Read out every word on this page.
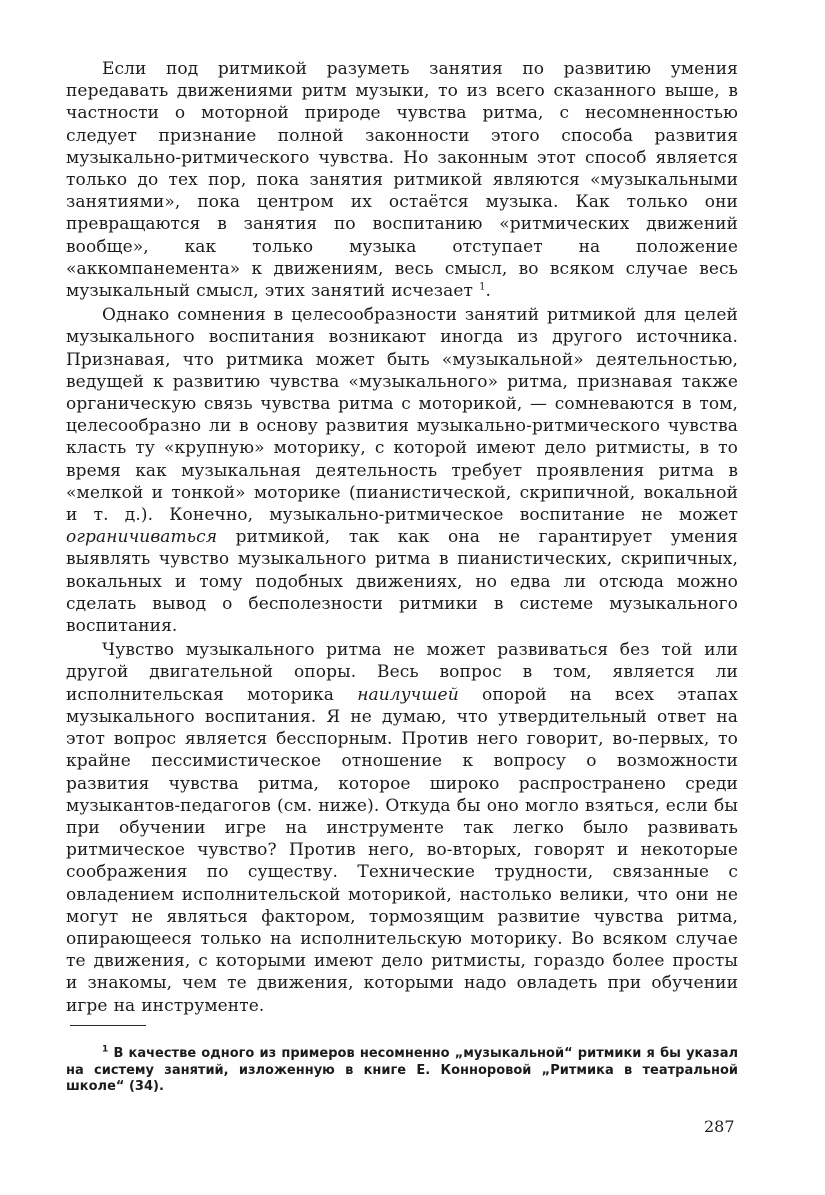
Если под ритмикой разуметь занятия по развитию умения передавать движениями ритм музыки, то из всего сказанного выше, в частности о моторной природе чувства ритма, с несомненностью следует признание полной законности этого способа развития музыкально-ритмического чувства. Но законным этот способ является только до тех пор, пока занятия ритмикой являются «музыкальными занятиями», пока центром их остаётся музыка. Как только они превращаются в занятия по воспитанию «ритмических движений вообще», как только музыка отступает на положение «аккомпанемента» к движениям, весь смысл, во всяком случае весь музыкальный смысл, этих занятий исчезает $^1$.

Однако сомнения в целесообразности занятий ритмикой для целей музыкального воспитания возникают иногда из другого источника. Признавая, что ритмика может быть «музыкальной» деятельностью, ведущей к развитию чувства «музыкального» ритма, признавая также органическую связь чувства ритма с моторикой, — сомневаются в том, целесообразно ли в основу развития музыкально-ритмического чувства класть ту «крупную» моторику, с которой имеют дело ритмисты, в то время как музыкальная деятельность требует проявления ритма в «мелкой и тонкой» моторике (пианистической, скрипичной, вокальной и т. д.). Конечно, музыкально-ритмическое воспитание не может ограничиваться ритмикой, так как она не гарантирует умения выявлять чувство музыкального ритма в пианистических, скрипичных, вокальных и тому подобных движениях, но едва ли отсюда можно сделать вывод о бесполезности ритмики в системе музыкального воспитания.

Чувство музыкального ритма не может развиваться без той или другой двигательной опоры. Весь вопрос в том, является ли исполнительская моторика наилучшей опорой на всех этапах музыкального воспитания. Я не думаю, что утвердительный ответ на этот вопрос является бесспорным. Против него говорит, во-первых, то крайне пессимистическое отношение к вопросу о возможности развития чувства ритма, которое широко распространено среди музыкантов-педагогов (см. ниже). Откуда бы оно могло взяться, если бы при обучении игре на инструменте так легко было развивать ритмическое чувство? Против него, во-вторых, говорят и некоторые соображения по существу. Технические трудности, связанные с овладением исполнительской моторикой, настолько велики, что они не могут не являться фактором, тормозящим развитие чувства ритма, опирающееся только на исполнительскую моторику. Во всяком случае те движения, с которыми имеют дело ритмисты, гораздо более просты и знакомы, чем те движения, которыми надо овладеть при обучении игре на инструменте.

$^1$ В качестве одного из примеров несомненно „музыкальной“ ритмики я бы указал на систему занятий, изложенную в книге Е. Конноровой „Ритмика в театральной школе“ (34).

287
